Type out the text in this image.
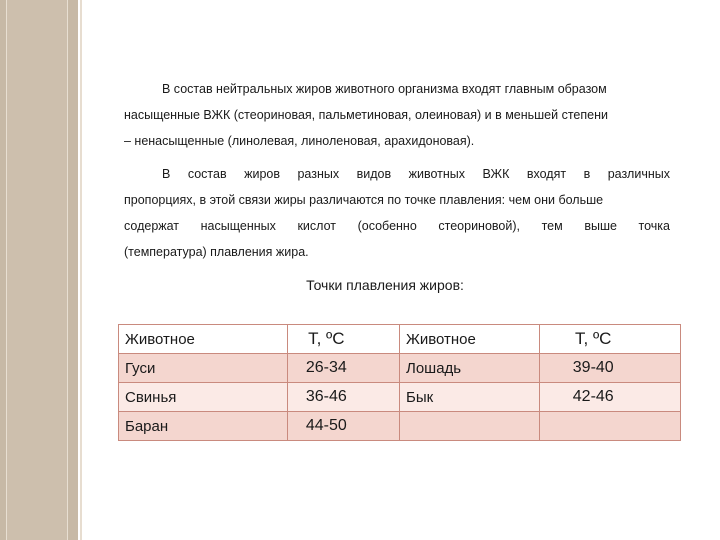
В состав нейтральных жиров животного организма входят главным образом
насыщенные ВЖК (стеориновая, пальметиновая, олеиновая) и в меньшей степени
– ненасыщенные (линолевая, линоленовая, арахидоновая).
В состав жиров разных видов животных ВЖК входят в различных
пропорциях, в этой связи жиры различаются по точке плавления: чем они больше
содержат насыщенных кислот (особенно стеориновой), тем выше точка
(температура) плавления жира.

Точки плавления жиров:

Животное	Т, ºС	Животное	Т, ºС
Гуси	26-34	Лошадь	39-40
Свинья	36-46	Бык	42-46
Баран	44-50		
